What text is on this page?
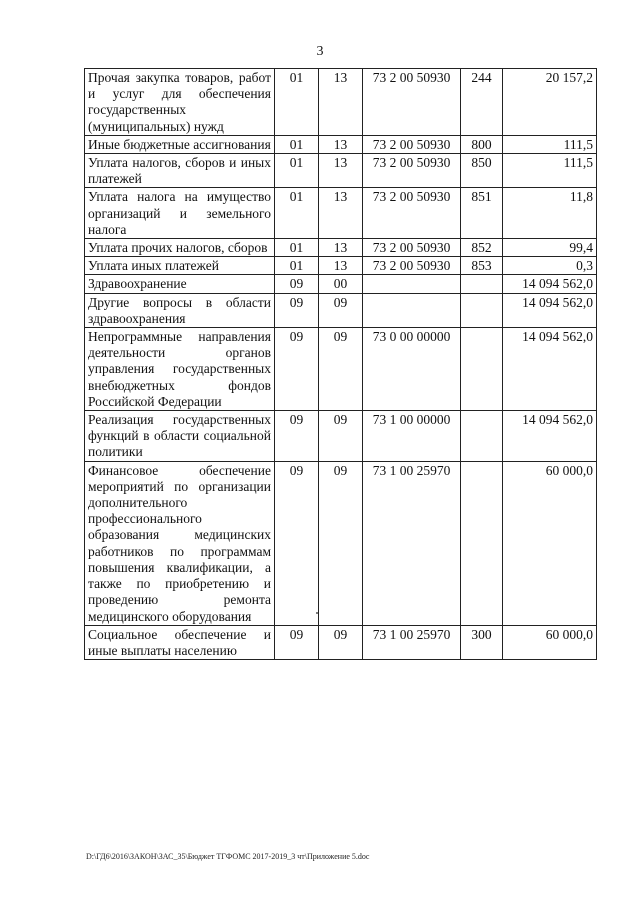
3
Прочая закупка товаров, работ и услуг для обеспечения государственных (муниципальных) нужд	01	13	73 2 00 50930	244	20 157,2
Иные бюджетные ассигнования	01	13	73 2 00 50930	800	111,5
Уплата налогов, сборов и иных платежей	01	13	73 2 00 50930	850	111,5
Уплата налога на имущество организаций и земельного налога	01	13	73 2 00 50930	851	11,8
Уплата прочих налогов, сборов	01	13	73 2 00 50930	852	99,4
Уплата иных платежей	01	13	73 2 00 50930	853	0,3
Здравоохранение	09	00			14 094 562,0
Другие вопросы в области здравоохранения	09	09			14 094 562,0
Непрограммные направления деятельности органов управления государственных внебюджетных фондов Российской Федерации	09	09	73 0 00 00000		14 094 562,0
Реализация государственных функций в области социальной политики	09	09	73 1 00 00000		14 094 562,0
Финансовое обеспечение мероприятий по организации дополнительного профессионального образования медицинских работников по программам повышения квалификации, а также по приобретению и проведению ремонта медицинского оборудования	09	09	73 1 00 25970		60 000,0
Социальное обеспечение и иные выплаты населению	09	09	73 1 00 25970	300	60 000,0
D:\ГД6\2016\ЗАКОН\ЗАС_35\Бюджет ТГФОМС 2017-2019_3 чт\Приложение 5.doc
